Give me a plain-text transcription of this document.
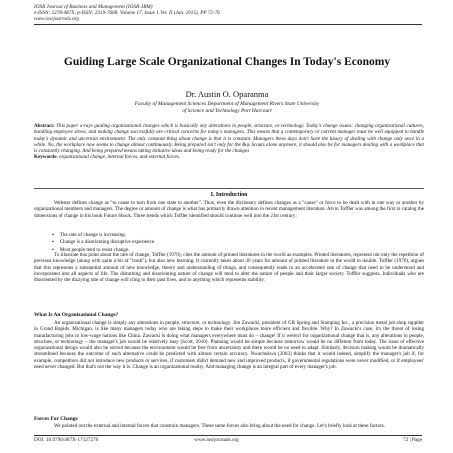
IOSR Journal of Business and Management (IOSR-JBM)
e-ISSN: 2278-487X, p-ISSN: 2319-7668. Volume 17, Issue 1.Ver. II (Jan. 2015), PP 72-76
www.iosrjournals.org
Guiding Large Scale Organizational Changes In Today's Economy
Dr. Austin O. Oparanma
Faculty of Management Sciences Department of Management Rivers State University
of Science and Technology Port Harcourt
Abstract: This paper x-rays guiding organizational changes which is basically any alterations in people, structure, or technology. Today's change issues: changing organizational cultures, handling employee stress, and making change successfully are critical concerns for today's managers. This means that a contemporary or current manager must be well equipped to handle today's dynamic and uncertain environment. The only constant thing about change is that it is constant. Managers these days don't have the luxury of dealing with change only once in a while. No, the workplace now seems to change almost continuously. Being prepared isn't only for the Boy Scouts alone anymore, it should also be for managers dealing with a workplace that is constantly changing. And being prepared means taking initiative ideas and being ready for the changes
Keywords: organizational change, internal forces, and external forces.
I. Introduction

Webster defines change as "to cause to turn from one state to another". Thus, even the dictionary defines changes as a "cause" or force to be dealt with in one way or another by organizational members and managers. The degree or amount of change is what has primarily drawn attention in recent management literature. Alvin Toffler was among the first to catalog the dimensions of change in his book Future Shock. Three trends which Toffler identified should continue well into the 21st century:

▪ The rate of change is increasing.
▪ Change is a disorienting disruptive experience.
▪ Most people tend to resist change.

To illustrate this point about the rate of change, Toffler (1970), cites the amount of printed literatures in the world as examples. Printed literatures, represent not only the repetition of previous knowledge (along with quite a bit of "trash"), but also new learning. It currently takes about 30 years for amount of printed literature in the world to double. Toffler (1970), argues that this represents a substantial amount of new knowledge, theory and understanding of things, and consequently leads to an accelerated rate of change that need to be understood and incorporated into all aspects of life. The disturbing and disorienting nature of change will tend to alter the nature of people and their larger society. Toffler suggests. Individuals who are disoriented by the dizzying rate of change will cling to their past lives, and to anything which represents stability.

What Is An Organizational Change?

An organizational change is simply any alterations in people, structure, or technology. Jim Zawacki, president of GR Spring and Stamping Inc., a precision metal job shop supplier in Grand Rapids. Michigan, is like many managers today who are taking steps to make their workplaces more efficient and flexible. Why? In Zawacki's case, it's the threat of losing manufacturing jobs to low-wage nations like China. Zawacki is doing what managers everywhere must do – change! If it weren't for organizational change that is, any alterations in people, structure, or technology – the manager's job would be relatively easy (Scott, 2010). Planning would be simple because tomorrow would be no different from today. The issue of effective organizational design would also be solved because the environment would be free from uncertainty and there would be no need to adapt. Similarly, decision making would be dramatically streamlined because the outcome of each alternative could be predicted with almost certain accuracy. Nwachukwu (2003) thinks that it would indeed, simplify the manager's job if, for example, competitors did not introduce new products or services, if customers didn't demand new and improved products, if governmental regulations were never modified, or if employees' need never changed. But that's not the way it is. Change is an organizational reality. And managing change is an integral part of every manager's job.

Forces For Change

We pointed out the external and internal forces that constrain managers. These same forces also bring about the need for change. Let's briefly look at these factors.

DOI: 10.9790/487X-17127276	www.iosrjournals.org	72 | Page
